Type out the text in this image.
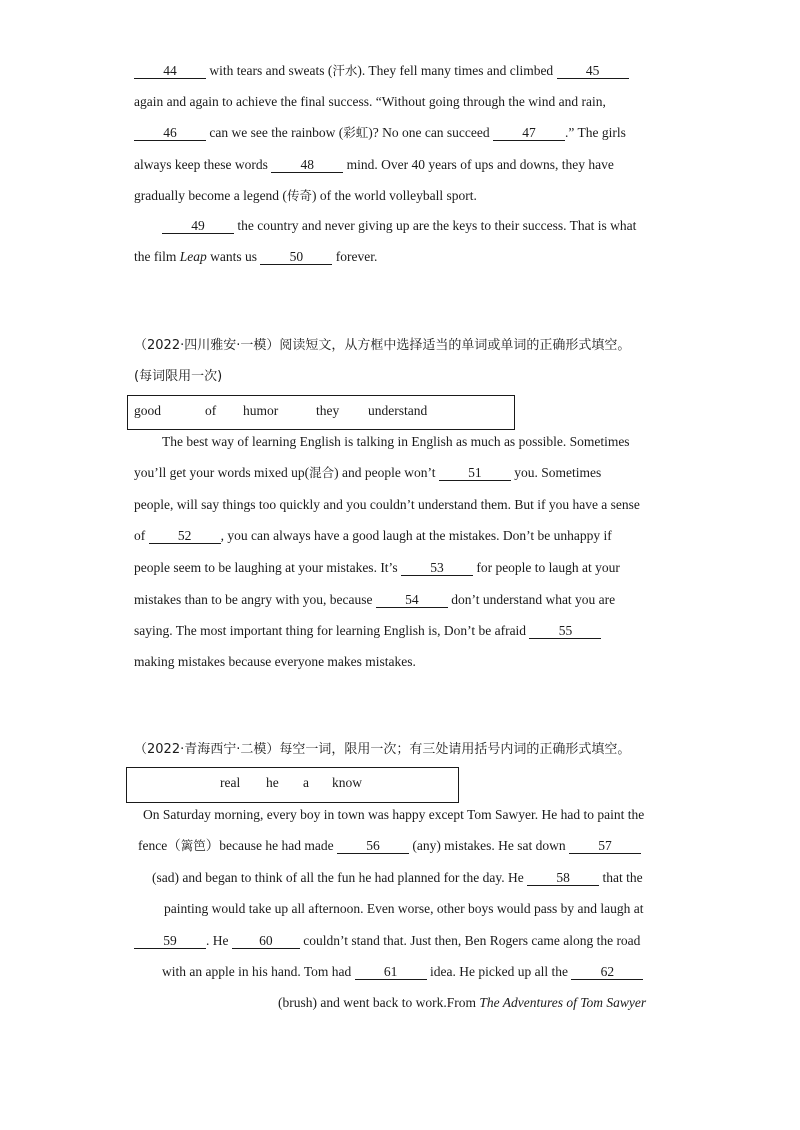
44 with tears and sweats (汗水). They fell many times and climbed 45
again and again to achieve the final success. “Without going through the wind and rain,
46 can we see the rainbow (彩虹)? No one can succeed 47 .” The girls
always keep these words 48 mind. Over 40 years of ups and downs, they have
gradually become a legend (传奇) of the world volleyball sport.
49 the country and never giving up are the keys to their success. That is what
the film Leap wants us 50 forever.
（2022·四川雅安·一模）阅读短文，从方框中选择适当的单词或单词的正确形式填空。
(每词限用一次)
good	of humor	they understand
The best way of learning English is talking in English as much as possible. Sometimes
you’ll get your words mixed up(混合) and people won’t 51 you. Sometimes
people, will say things too quickly and you couldn’t understand them. But if you have a sense
of 52 , you can always have a good laugh at the mistakes. Don’t be unhappy if
people seem to be laughing at your mistakes. It’s 53 for people to laugh at your
mistakes than to be angry with you, because 54 don’t understand what you are
saying. The most important thing for learning English is, Don’t be afraid 55
making mistakes because everyone makes mistakes.
（2022·青海西宁·二模）每空一词，限用一次；有三处请用括号内词的正确形式填空。
real he a know
On Saturday morning, every boy in town was happy except Tom Sawyer. He had to paint the
fence（篱笆）because he had made 56 (any) mistakes. He sat down 57
(sad) and began to think of all the fun he had planned for the day. He 58 that the
painting would take up all afternoon. Even worse, other boys would pass by and laugh at
59 . He 60 couldn’t stand that. Just then, Ben Rogers came along the road
with an apple in his hand. Tom had 61 idea. He picked up all the 62
(brush) and went back to work.From The Adventures of Tom Sawyer
